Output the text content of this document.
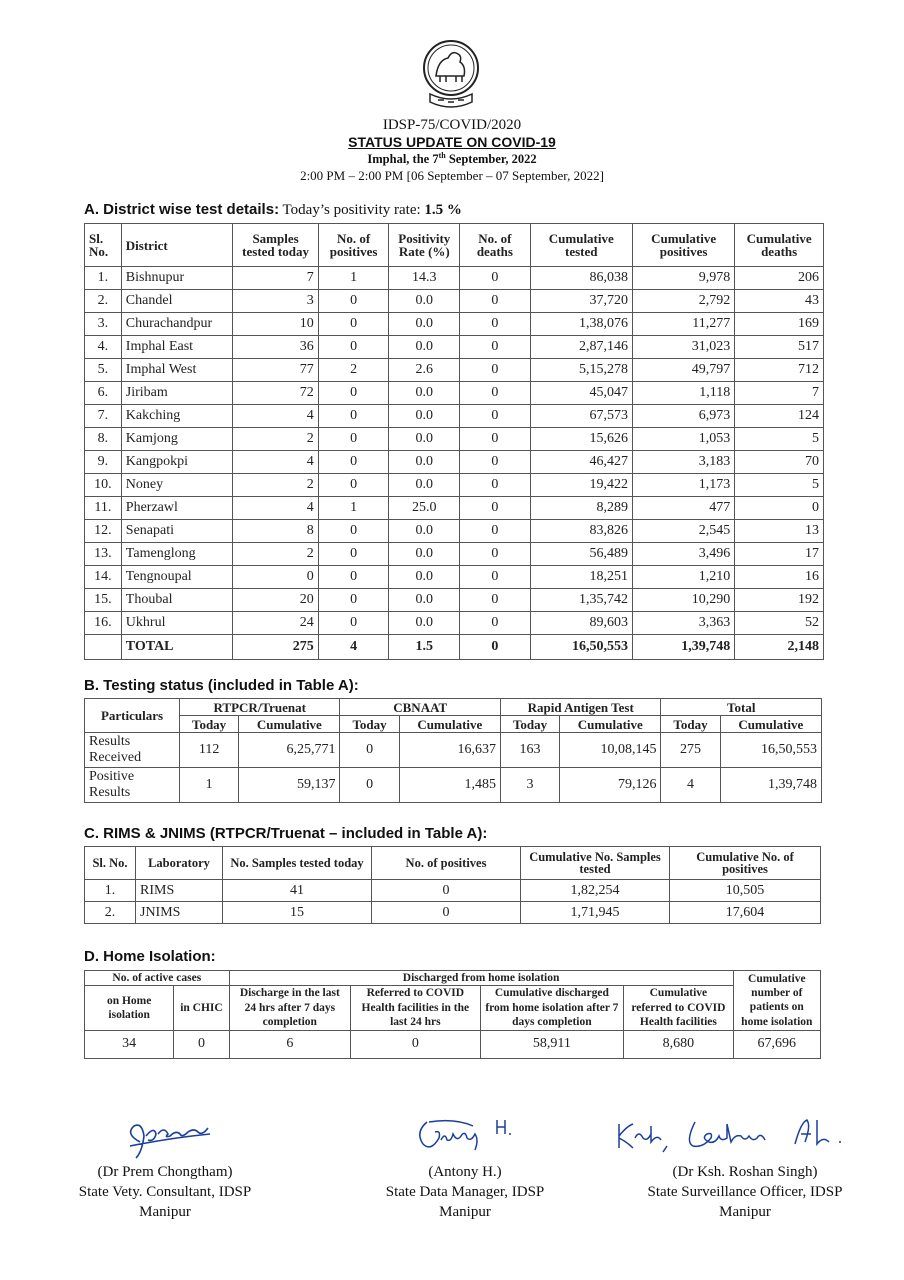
IDSP-75/COVID/2020
STATUS UPDATE ON COVID-19
Imphal, the 7th September, 2022
2:00 PM – 2:00 PM [06 September – 07 September, 2022]
A. District wise test details: Today’s positivity rate: 1.5 %
Sl. No.	District	Samples tested today	No. of positives	Positivity Rate (%)	No. of deaths	Cumulative tested	Cumulative positives	Cumulative deaths
1.	Bishnupur	7	1	14.3	0	86,038	9,978	206
2.	Chandel	3	0	0.0	0	37,720	2,792	43
3.	Churachandpur	10	0	0.0	0	1,38,076	11,277	169
4.	Imphal East	36	0	0.0	0	2,87,146	31,023	517
5.	Imphal West	77	2	2.6	0	5,15,278	49,797	712
6.	Jiribam	72	0	0.0	0	45,047	1,118	7
7.	Kakching	4	0	0.0	0	67,573	6,973	124
8.	Kamjong	2	0	0.0	0	15,626	1,053	5
9.	Kangpokpi	4	0	0.0	0	46,427	3,183	70
10.	Noney	2	0	0.0	0	19,422	1,173	5
11.	Pherzawl	4	1	25.0	0	8,289	477	0
12.	Senapati	8	0	0.0	0	83,826	2,545	13
13.	Tamenglong	2	0	0.0	0	56,489	3,496	17
14.	Tengnoupal	0	0	0.0	0	18,251	1,210	16
15.	Thoubal	20	0	0.0	0	1,35,742	10,290	192
16.	Ukhrul	24	0	0.0	0	89,603	3,363	52
	TOTAL	275	4	1.5	0	16,50,553	1,39,748	2,148
B. Testing status (included in Table A):
Particulars	RTPCR/Truenat		CBNAAT		Rapid Antigen Test		Total	
	Today	Cumulative	Today	Cumulative	Today	Cumulative	Today	Cumulative
Results Received	112	6,25,771	0	16,637	163	10,08,145	275	16,50,553
Positive Results	1	59,137	0	1,485	3	79,126	4	1,39,748
C. RIMS & JNIMS (RTPCR/Truenat – included in Table A):
Sl. No.	Laboratory	No. Samples tested today	No. of positives	Cumulative No. Samples tested	Cumulative No. of positives
1.	RIMS	41	0	1,82,254	10,505
2.	JNIMS	15	0	1,71,945	17,604
D. Home Isolation:
No. of active cases		Discharged from home isolation				Cumulative number of patients on home isolation
on Home isolation	in CHIC	Discharge in the last 24 hrs after 7 days completion	Referred to COVID Health facilities in the last 24 hrs	Cumulative discharged from home isolation after 7 days completion	Cumulative referred to COVID Health facilities	
34	0	6	0	58,911	8,680	67,696
(Dr Prem Chongtham)
State Vety. Consultant, IDSP
Manipur
(Antony H.)
State Data Manager, IDSP
Manipur
(Dr Ksh. Roshan Singh)
State Surveillance Officer, IDSP
Manipur
